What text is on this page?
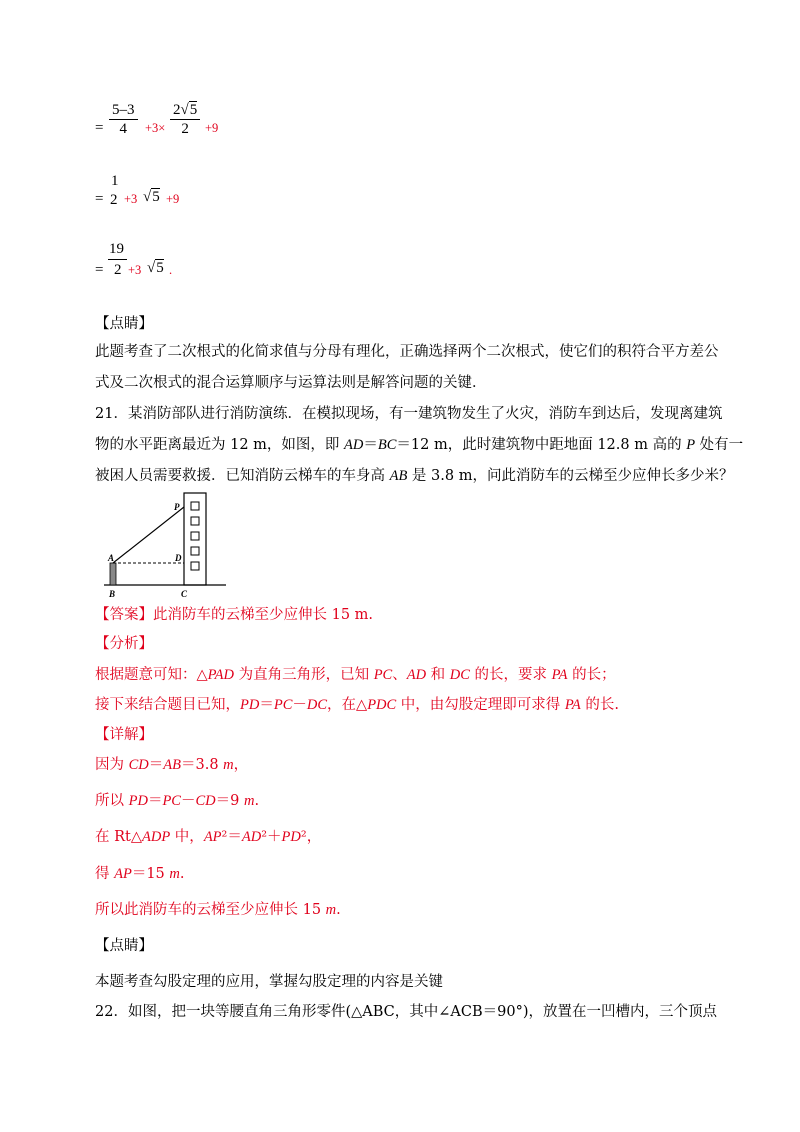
= $\frac{5-3}{4} +3\times \frac{2√5}{2} +9$
1
= 2 +3 √5 +9
19
= 2 +3 √5 .
【点睛】
此题考查了二次根式的化简求值与分母有理化，正确选择两个二次根式，使它们的积符合平方差公
式及二次根式的混合运算顺序与运算法则是解答问题的关键．
21．某消防部队进行消防演练．在模拟现场，有一建筑物发生了火灾，消防车到达后，发现离建筑
物的水平距离最近为 12 m，如图，即 AD＝BC＝12 m，此时建筑物中距地面 12.8 m 高的 P 处有一
被困人员需要救援．已知消防云梯车的车身高 AB 是 3.8 m，问此消防车的云梯至少应伸长多少米？
P
A	D
B	C
【答案】此消防车的云梯至少应伸长 15 m.
【分析】
根据题意可知：△PAD 为直角三角形，已知 PC、AD 和 DC 的长，要求 PA 的长；
接下来结合题目已知，PD＝PC－DC，在△PDC 中，由勾股定理即可求得 PA 的长.
【详解】
因为 CD＝AB＝3.8 m，
所以 PD＝PC－CD＝9 m.
在 Rt△ADP 中，AP²＝AD²＋PD²，
得 AP＝15 m.
所以此消防车的云梯至少应伸长 15 m.
【点睛】
本题考查勾股定理的应用，掌握勾股定理的内容是关键
22．如图，把一块等腰直角三角形零件(△ABC，其中∠ACB＝90°)，放置在一凹槽内，三个顶点
